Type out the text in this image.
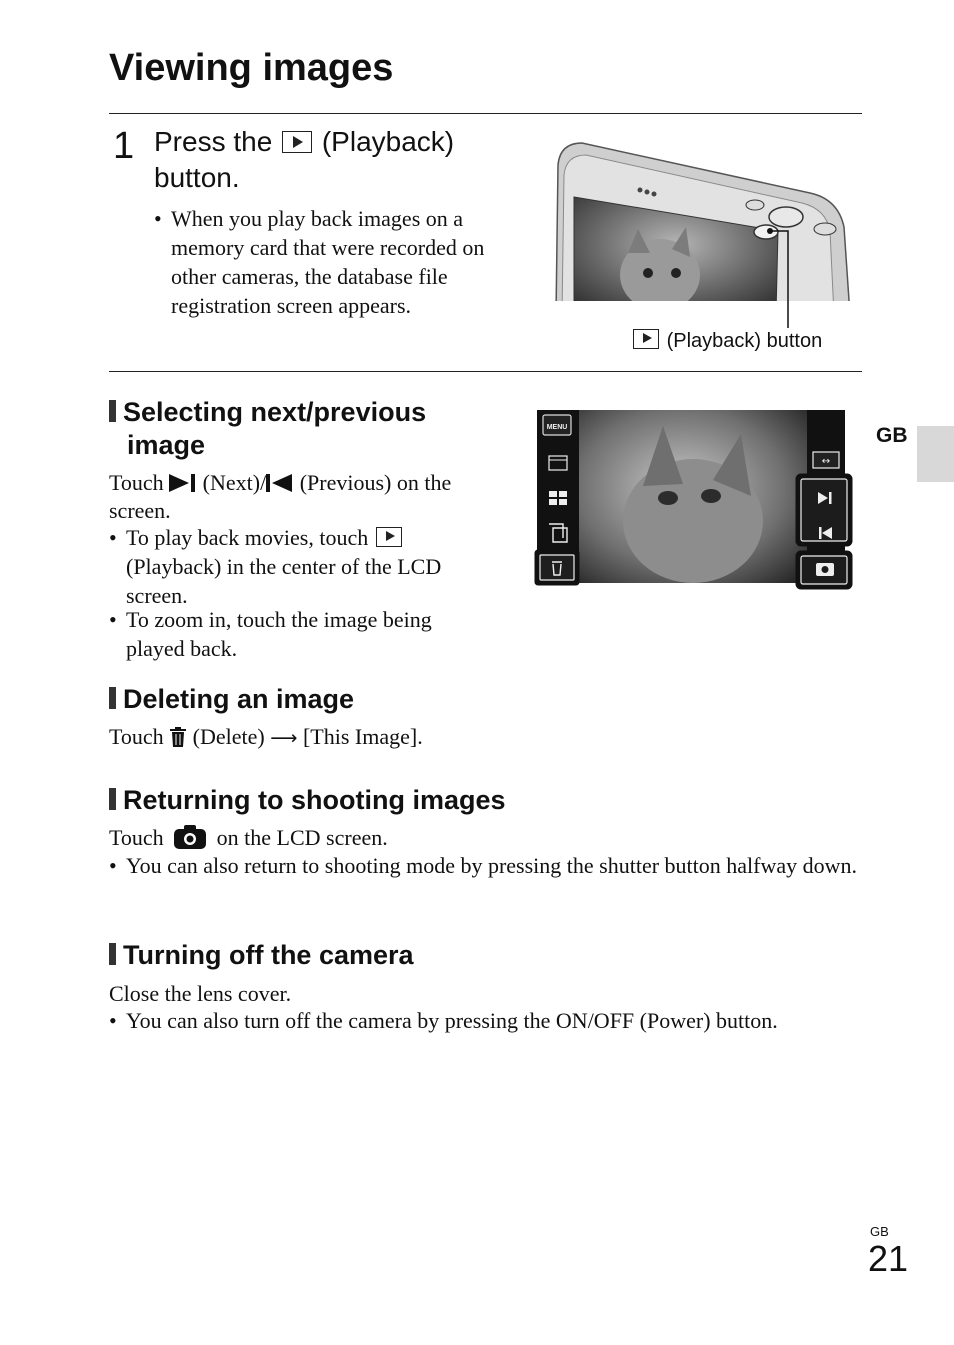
Viewing images
1 Press the (Playback)
button.
• When you play back images on a memory card that were recorded on other cameras, the database file registration screen appears.
(Playback) button
Selecting next/previous
image
Touch (Next)/ (Previous) on the screen.
• To play back movies, touch  (Playback) in the center of the LCD screen.
• To zoom in, touch the image being played back.
MENU
↔
GB
Deleting an image
Touch (Delete) ⟶ [This Image].
Returning to shooting images
Touch on the LCD screen.
• You can also return to shooting mode by pressing the shutter button halfway down.
Turning off the camera
Close the lens cover.
• You can also turn off the camera by pressing the ON/OFF (Power) button.
GB
21
